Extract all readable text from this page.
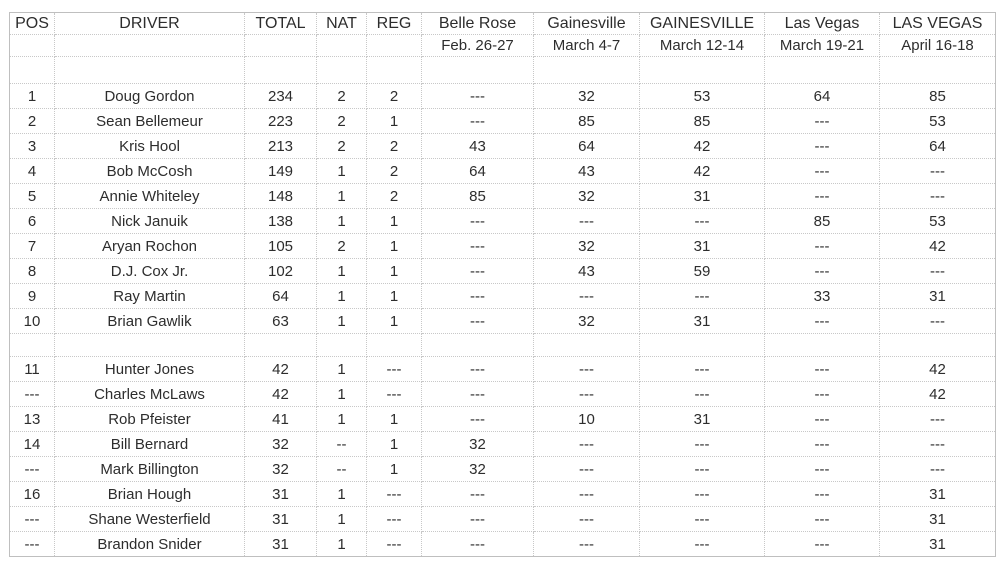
POS	DRIVER	TOTAL	NAT	REG	Belle Rose	Gainesville	GAINESVILLE	Las Vegas	LAS VEGAS
					Feb. 26-27	March 4-7	March 12-14	March 19-21	April 16-18

1	Doug Gordon	234	2	2	---	32	53	64	85
2	Sean Bellemeur	223	2	1	---	85	85	---	53
3	Kris Hool	213	2	2	43	64	42	---	64
4	Bob McCosh	149	1	2	64	43	42	---	---
5	Annie Whiteley	148	1	2	85	32	31	---	---
6	Nick Januik	138	1	1	---	---	---	85	53
7	Aryan Rochon	105	2	1	---	32	31	---	42
8	D.J. Cox Jr.	102	1	1	---	43	59	---	---
9	Ray Martin	64	1	1	---	---	---	33	31
10	Brian Gawlik	63	1	1	---	32	31	---	---

11	Hunter Jones	42	1	---	---	---	---	---	42
---	Charles McLaws	42	1	---	---	---	---	---	42
13	Rob Pfeister	41	1	1	---	10	31	---	---
14	Bill Bernard	32	--	1	32	---	---	---	---
---	Mark Billington	32	--	1	32	---	---	---	---
16	Brian Hough	31	1	---	---	---	---	---	31
---	Shane Westerfield	31	1	---	---	---	---	---	31
---	Brandon Snider	31	1	---	---	---	---	---	31
